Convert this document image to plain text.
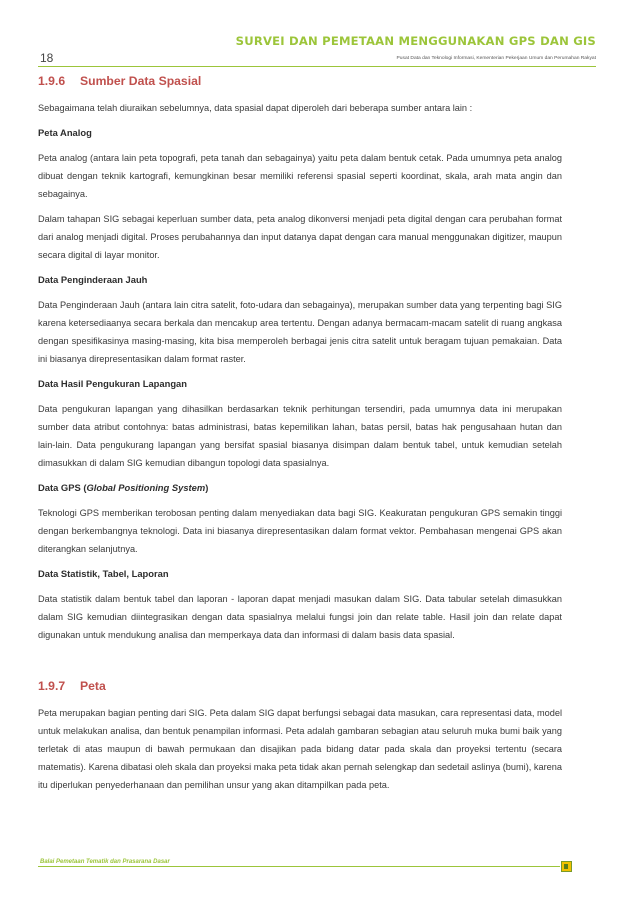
SURVEI DAN PEMETAAN MENGGUNAKAN GPS DAN GIS
18	Pusat Data dan Teknologi Informasi, Kementerian Pekerjaan Umum dan Perumahan Rakyat
1.9.6 Sumber Data Spasial

Sebagaimana telah diuraikan sebelumnya, data spasial dapat diperoleh dari beberapa sumber antara lain :

Peta Analog

Peta analog (antara lain peta topografi, peta tanah dan sebagainya) yaitu peta dalam bentuk cetak. Pada umumnya peta analog dibuat dengan teknik kartografi, kemungkinan besar memiliki referensi spasial seperti koordinat, skala, arah mata angin dan sebagainya.

Dalam tahapan SIG sebagai keperluan sumber data, peta analog dikonversi menjadi peta digital dengan cara perubahan format dari analog menjadi digital. Proses perubahannya dan input datanya dapat dengan cara manual menggunakan digitizer, maupun secara digital di layar monitor.

Data Penginderaan Jauh

Data Penginderaan Jauh (antara lain citra satelit, foto-udara dan sebagainya), merupakan sumber data yang terpenting bagi SIG karena ketersediaanya secara berkala dan mencakup area tertentu. Dengan adanya bermacam-macam satelit di ruang angkasa dengan spesifikasinya masing-masing, kita bisa memperoleh berbagai jenis citra satelit untuk beragam tujuan pemakaian. Data ini biasanya direpresentasikan dalam format raster.

Data Hasil Pengukuran Lapangan

Data pengukuran lapangan yang dihasilkan berdasarkan teknik perhitungan tersendiri, pada umumnya data ini merupakan sumber data atribut contohnya: batas administrasi, batas kepemilikan lahan, batas persil, batas hak pengusahaan hutan dan lain-lain. Data pengukurang lapangan yang bersifat spasial biasanya disimpan dalam bentuk tabel, untuk kemudian setelah dimasukkan di dalam SIG kemudian dibangun topologi data spasialnya.

Data GPS (Global Positioning System)

Teknologi GPS memberikan terobosan penting dalam menyediakan data bagi SIG. Keakuratan pengukuran GPS semakin tinggi dengan berkembangnya teknologi. Data ini biasanya direpresentasikan dalam format vektor. Pembahasan mengenai GPS akan diterangkan selanjutnya.

Data Statistik, Tabel, Laporan

Data statistik dalam bentuk tabel dan laporan - laporan dapat menjadi masukan dalam SIG. Data tabular setelah dimasukkan dalam SIG kemudian diintegrasikan dengan data spasialnya melalui fungsi join dan relate table. Hasil join dan relate dapat digunakan untuk mendukung analisa dan memperkaya data dan informasi di dalam basis data spasial.

1.9.7 Peta

Peta merupakan bagian penting dari SIG. Peta dalam SIG dapat berfungsi sebagai data masukan, cara representasi data, model untuk melakukan analisa, dan bentuk penampilan informasi. Peta adalah gambaran sebagian atau seluruh muka bumi baik yang terletak di atas maupun di bawah permukaan dan disajikan pada bidang datar pada skala dan proyeksi tertentu (secara matematis). Karena dibatasi oleh skala dan proyeksi maka peta tidak akan pernah selengkap dan sedetail aslinya (bumi), karena itu diperlukan penyederhanaan dan pemilihan unsur yang akan ditampilkan pada peta.

Balai Pemetaan Tematik dan Prasarana Dasar
